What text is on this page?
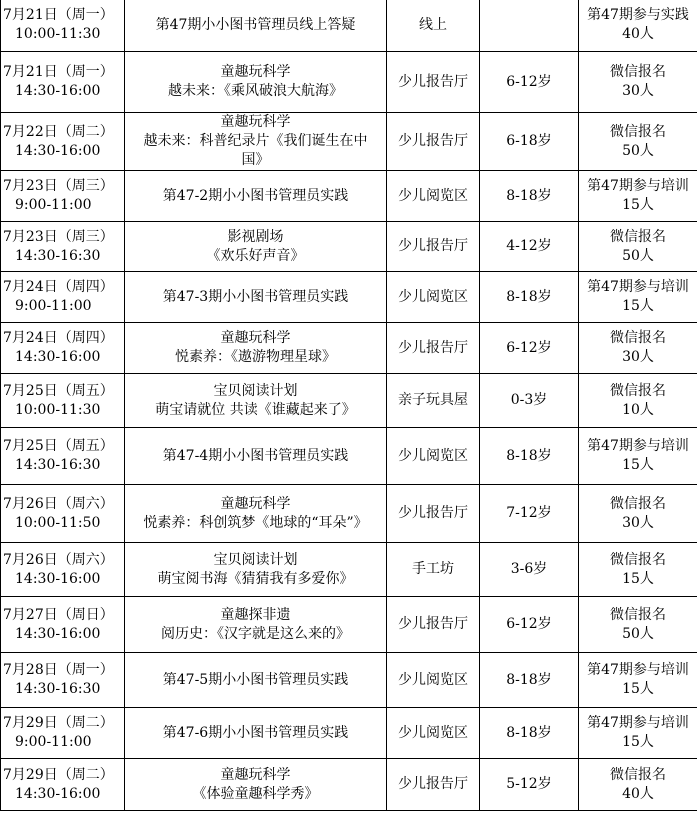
7月21日（周一）
10:00-11:30	第47期小小图书管理员线上答疑	线上		第47期参与实践
40人

7月21日（周一）
14:30-16:00	童趣玩科学
越未来：《乘风破浪大航海》	少儿报告厅	6-12岁	微信报名
30人

7月22日（周二）
14:30-16:00	童趣玩科学
越未来：科普纪录片《我们诞生在中
国》	少儿报告厅	6-18岁	微信报名
50人

7月23日（周三）
9:00-11:00	第47-2期小小图书管理员实践	少儿阅览区	8-18岁	第47期参与培训
15人

7月23日（周三）
14:30-16:30	影视剧场
《欢乐好声音》	少儿报告厅	4-12岁	微信报名
50人

7月24日（周四）
9:00-11:00	第47-3期小小图书管理员实践	少儿阅览区	8-18岁	第47期参与培训
15人

7月24日（周四）
14:30-16:00	童趣玩科学
悦素养：《遨游物理星球》	少儿报告厅	6-12岁	微信报名
30人

7月25日（周五）
10:00-11:30	宝贝阅读计划
萌宝请就位 共读《谁藏起来了》	亲子玩具屋	0-3岁	微信报名
10人

7月25日（周五）
14:30-16:30	第47-4期小小图书管理员实践	少儿阅览区	8-18岁	第47期参与培训
15人

7月26日（周六）
10:00-11:50	童趣玩科学
悦素养：科创筑梦《地球的“耳朵”》	少儿报告厅	7-12岁	微信报名
30人

7月26日（周六）
14:30-16:00	宝贝阅读计划
萌宝阅书海《猜猜我有多爱你》	手工坊	3-6岁	微信报名
15人

7月27日（周日）
14:30-16:00	童趣探非遗
阅历史：《汉字就是这么来的》	少儿报告厅	6-12岁	微信报名
50人

7月28日（周一）
14:30-16:30	第47-5期小小图书管理员实践	少儿阅览区	8-18岁	第47期参与培训
15人

7月29日（周二）
9:00-11:00	第47-6期小小图书管理员实践	少儿阅览区	8-18岁	第47期参与培训
15人

7月29日（周二）
14:30-16:00	童趣玩科学
《体验童趣科学秀》	少儿报告厅	5-12岁	微信报名
40人
